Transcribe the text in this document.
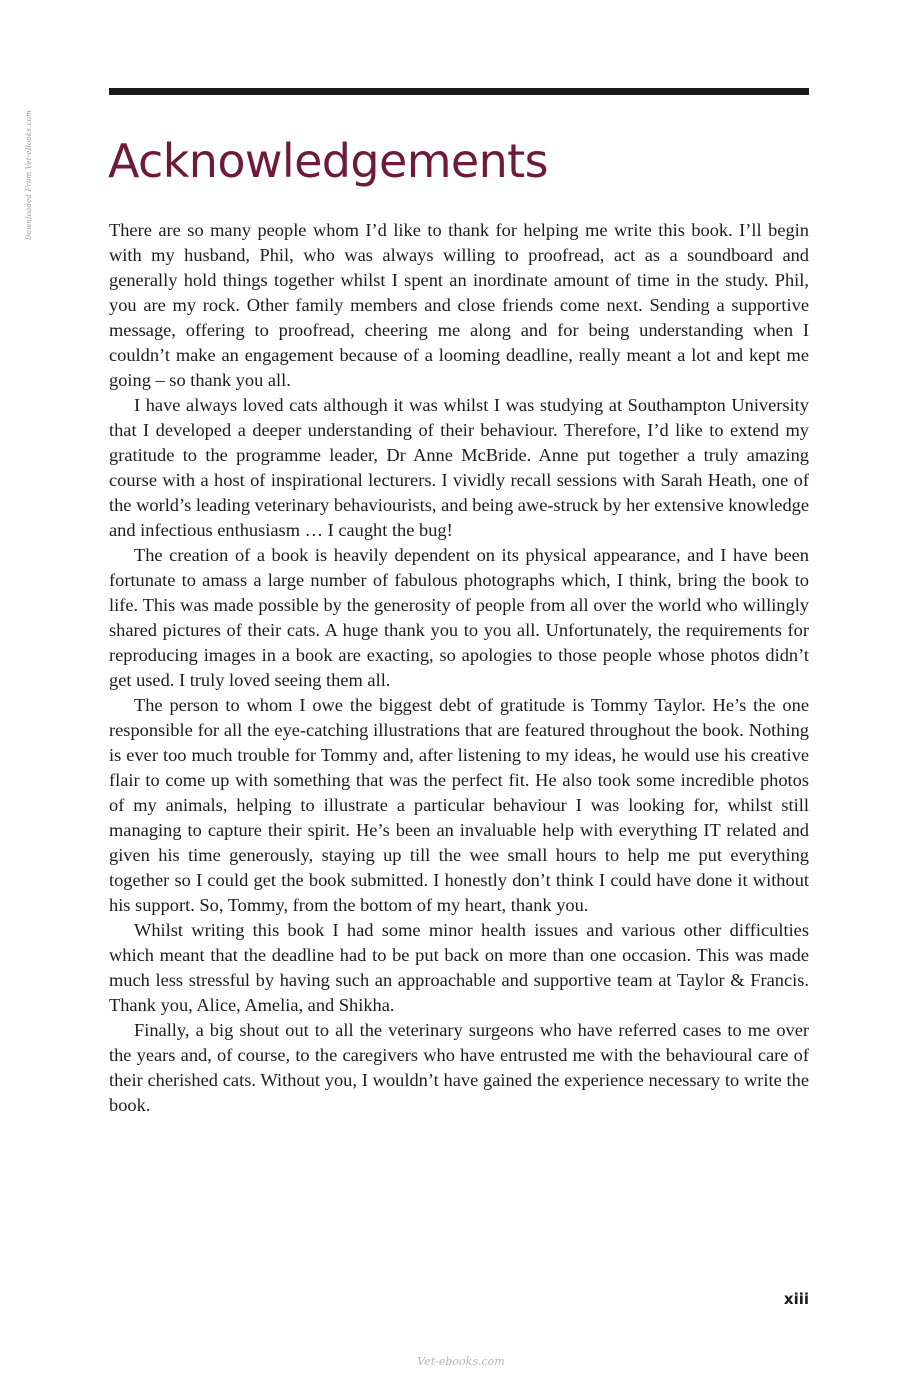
Downloaded From Vet-eBooks.com Acknowledgements

There are so many people whom I’d like to thank for helping me write this book. I’ll begin with my husband, Phil, who was always willing to proofread, act as a soundboard and generally hold things together whilst I spent an inordinate amount of time in the study. Phil, you are my rock. Other family members and close friends come next. Sending a supportive message, offering to proofread, cheering me along and for being understanding when I couldn’t make an engagement because of a looming deadline, really meant a lot and kept me going – so thank you all.

I have always loved cats although it was whilst I was studying at Southampton University that I developed a deeper understanding of their behaviour. Therefore, I’d like to extend my gratitude to the programme leader, Dr Anne McBride. Anne put together a truly amazing course with a host of inspirational lecturers. I vividly recall sessions with Sarah Heath, one of the world’s leading veterinary behaviourists, and being awe-struck by her extensive knowledge and infectious enthusiasm … I caught the bug!

The creation of a book is heavily dependent on its physical appearance, and I have been fortunate to amass a large number of fabulous photographs which, I think, bring the book to life. This was made possible by the generosity of people from all over the world who willingly shared pictures of their cats. A huge thank you to you all. Unfortunately, the requirements for reproducing images in a book are exacting, so apologies to those people whose photos didn’t get used. I truly loved seeing them all.

The person to whom I owe the biggest debt of gratitude is Tommy Taylor. He’s the one responsible for all the eye-catching illustrations that are featured throughout the book. Nothing is ever too much trouble for Tommy and, after listening to my ideas, he would use his creative flair to come up with something that was the perfect fit. He also took some incredible photos of my animals, helping to illustrate a particular behaviour I was looking for, whilst still managing to capture their spirit. He’s been an invaluable help with everything IT related and given his time generously, staying up till the wee small hours to help me put everything together so I could get the book submitted. I honestly don’t think I could have done it without his support. So, Tommy, from the bottom of my heart, thank you.

Whilst writing this book I had some minor health issues and various other difficulties which meant that the deadline had to be put back on more than one occasion. This was made much less stressful by having such an approachable and supportive team at Taylor & Francis. Thank you, Alice, Amelia, and Shikha.

Finally, a big shout out to all the veterinary surgeons who have referred cases to me over the years and, of course, to the caregivers who have entrusted me with the behavioural care of their cherished cats. Without you, I wouldn’t have gained the experience necessary to write the book.

xiii
Vet-ebooks.com
